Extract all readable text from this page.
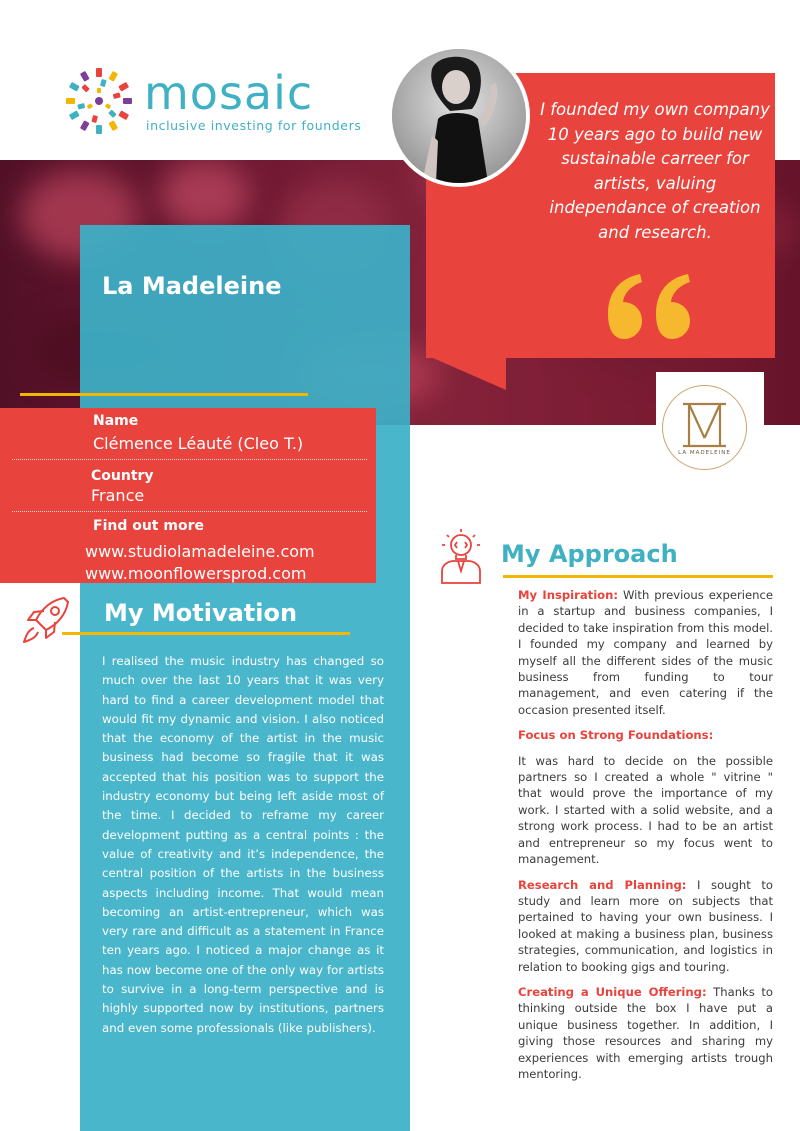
mosaic
inclusive investing for founders
La Madeleine
I founded my own company 10 years ago to build new sustainable carreer for artists, valuing independance of creation and research.
LA MADELEINE
Name
Clémence Léauté (Cleo T.)
Country
France
Find out more
www.studiolamadeleine.com
www.moonflowersprod.com
My Motivation
I realised the music industry has changed so much over the last 10 years that it was very hard to find a career development model that would fit my dynamic and vision. I also noticed that the economy of the artist in the music business had become so fragile that it was accepted that his position was to support the industry economy but being left aside most of the time. I decided to reframe my career development putting as a central points : the value of creativity and it’s independence, the central position of the artists in the business aspects including income. That would mean becoming an artist-entrepreneur, which was very rare and difficult as a statement in France ten years ago. I noticed a major change as it has now become one of the only way for artists to survive in a long-term perspective and is highly supported now by institutions, partners and even some professionals (like publishers).
My Approach

My Inspiration: With previous experience in a startup and business companies, I decided to take inspiration from this model. I founded my company and learned by myself all the different sides of the music business from funding to tour management, and even catering if the occasion presented itself.

Focus on Strong Foundations:

It was hard to decide on the possible partners so I created a whole " vitrine " that would prove the importance of my work. I started with a solid website, and a strong work process. I had to be an artist and entrepreneur so my focus went to management.

Research and Planning: I sought to study and learn more on subjects that pertained to having your own business. I looked at making a business plan, business strategies, communication, and logistics in relation to booking gigs and touring.

Creating a Unique Offering: Thanks to thinking outside the box I have put a unique business together. In addition, I giving those resources and sharing my experiences with emerging artists trough mentoring.
